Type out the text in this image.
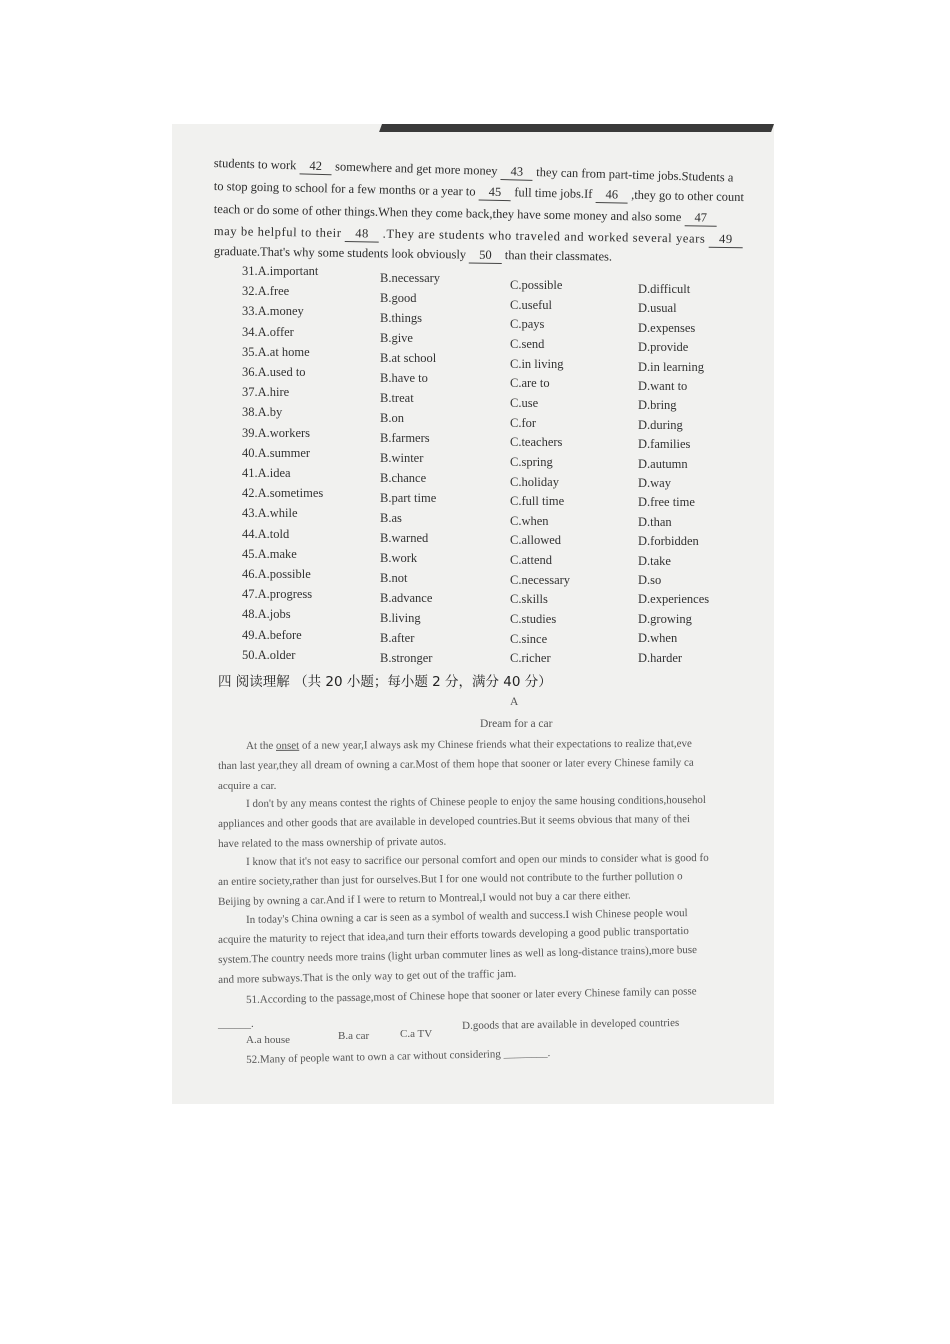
students to work 42 somewhere and get more money 43 they can from part-time jobs.Students a
to stop going to school for a few months or a year to 45 full time jobs.If 46 ,they go to other count
teach or do some of other things.When they come back,they have some money and also some 47
may be helpful to their 48 .They are students who traveled and worked several years 49
graduate.That's why some students look obviously 50 than their classmates.
31.A.important	B.necessary	C.possible	D.difficult
32.A.free	B.good	C.useful	D.usual
33.A.money	B.things	C.pays	D.expenses
34.A.offer	B.give	C.send	D.provide
35.A.at home	B.at school	C.in living	D.in learning
36.A.used to	B.have to	C.are to	D.want to
37.A.hire	B.treat	C.use	D.bring
38.A.by	B.on	C.for	D.during
39.A.workers	B.farmers	C.teachers	D.families
40.A.summer	B.winter	C.spring	D.autumn
41.A.idea	B.chance	C.holiday	D.way
42.A.sometimes	B.part time	C.full time	D.free time
43.A.while	B.as	C.when	D.than
44.A.told	B.warned	C.allowed	D.forbidden
45.A.make	B.work	C.attend	D.take
46.A.possible	B.not	C.necessary	D.so
47.A.progress	B.advance	C.skills	D.experiences
48.A.jobs	B.living	C.studies	D.growing
49.A.before	B.after	C.since	D.when
50.A.older	B.stronger	C.richer	D.harder
四 阅读理解 （共 20 小题；每小题 2 分，满分 40 分）
A
Dream for a car
At the onset of a new year,I always ask my Chinese friends what their expectations to realize that,eve
than last year,they all dream of owning a car.Most of them hope that sooner or later every Chinese family ca
acquire a car.
I don't by any means contest the rights of Chinese people to enjoy the same housing conditions,househol
appliances and other goods that are available in developed countries.But it seems obvious that many of thei
have related to the mass ownership of private autos.
I know that it's not easy to sacrifice our personal comfort and open our minds to consider what is good fo
an entire society,rather than just for ourselves.But I for one would not contribute to the further pollution o
Beijing by owning a car.And if I were to return to Montreal,I would not buy a car there either.
In today's China owning a car is seen as a symbol of wealth and success.I wish Chinese people woul
acquire the maturity to reject that idea,and turn their efforts towards developing a good public transportatio
system.The country needs more trains (light urban commuter lines as well as long-distance trains),more buse
and more subways.That is the only way to get out of the traffic jam.
51.According to the passage,most of Chinese hope that sooner or later every Chinese family can posse
______.
A.a house	B.a car	C.a TV
D.goods that are available in developed countries
52.Many of people want to own a car without considering ________.
